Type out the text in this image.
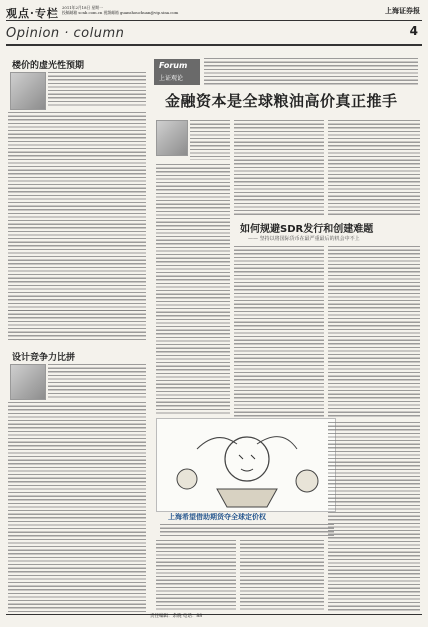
观点·专栏 2011年2月18日 星期一
投稿邮箱 scnb.com.cn 视频邮箱 guanshouchuan@vip.sina.com	上海证券报
Opinion · column	4
楼价的虚光性预期
设计竞争力比拼
Forum
上证观论
金融资本是全球粮油高价真正推手
如何规避SDR发行和创建难题
—— 坚持以将国际货币在最严重最后的机会中不上
上海希望借助期货夺全球定价权
责任编辑：余晓 电话：88
